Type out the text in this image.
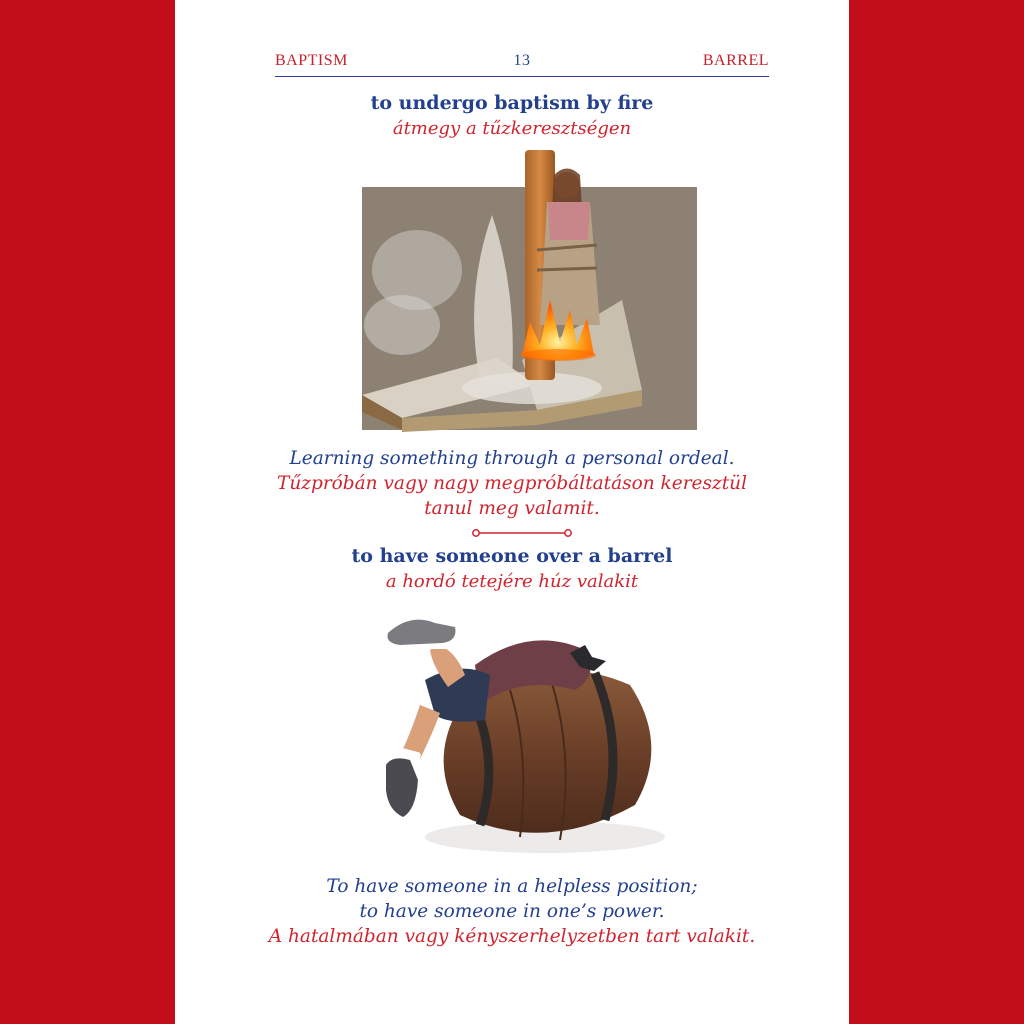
BAPTISM	13	BARREL
to undergo baptism by fire
átmegy a tűzkeresztségen
Learning something through a personal ordeal.
Tűzpróbán vagy nagy megpróbáltatáson keresztül
tanul meg valamit.
to have someone over a barrel
a hordó tetejére húz valakit
To have someone in a helpless position;
to have someone in one’s power.
A hatalmában vagy kényszerhelyzetben tart valakit.
